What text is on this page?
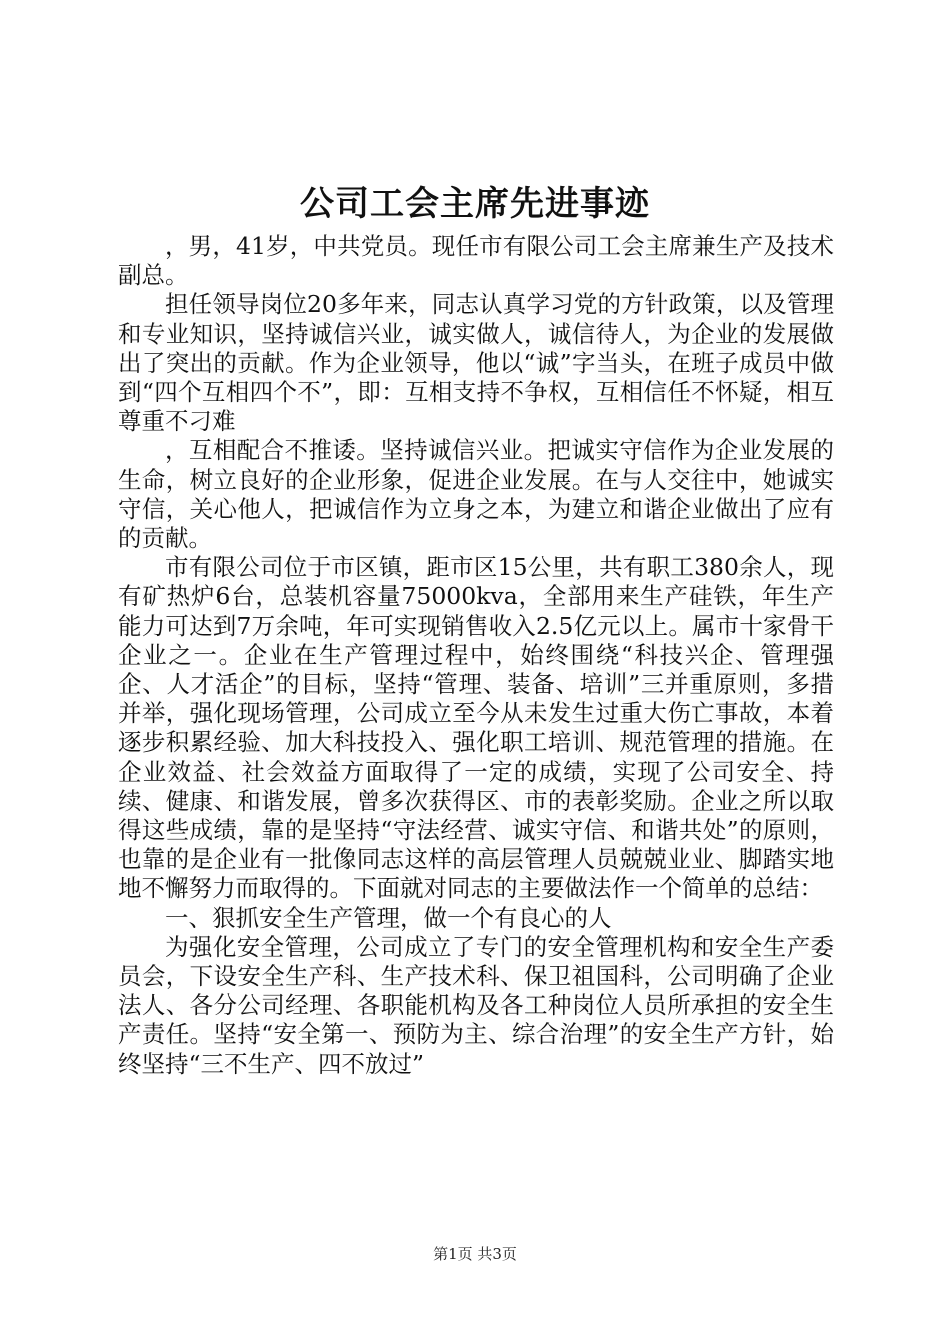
公司工会主席先进事迹

，男，41岁，中共党员。现任市有限公司工会主席兼生产及技术副总。

担任领导岗位20多年来，同志认真学习党的方针政策，以及管理和专业知识，坚持诚信兴业，诚实做人，诚信待人，为企业的发展做出了突出的贡献。作为企业领导，他以“诚”字当头，在班子成员中做到“四个互相四个不”，即：互相支持不争权，互相信任不怀疑，相互尊重不刁难

，互相配合不推诿。坚持诚信兴业。把诚实守信作为企业发展的生命，树立良好的企业形象，促进企业发展。在与人交往中，她诚实守信，关心他人，把诚信作为立身之本，为建立和谐企业做出了应有的贡献。

市有限公司位于市区镇，距市区15公里，共有职工380余人，现有矿热炉6台，总装机容量75000kva，全部用来生产硅铁，年生产能力可达到7万余吨，年可实现销售收入2.5亿元以上。属市十家骨干企业之一。企业在生产管理过程中，始终围绕“科技兴企、管理强企、人才活企”的目标，坚持“管理、装备、培训”三并重原则，多措并举，强化现场管理，公司成立至今从未发生过重大伤亡事故，本着逐步积累经验、加大科技投入、强化职工培训、规范管理的措施。在企业效益、社会效益方面取得了一定的成绩，实现了公司安全、持续、健康、和谐发展，曾多次获得区、市的表彰奖励。企业之所以取得这些成绩，靠的是坚持“守法经营、诚实守信、和谐共处”的原则，也靠的是企业有一批像同志这样的高层管理人员兢兢业业、脚踏实地地不懈努力而取得的。下面就对同志的主要做法作一个简单的总结：

一、狠抓安全生产管理，做一个有良心的人

为强化安全管理，公司成立了专门的安全管理机构和安全生产委员会，下设安全生产科、生产技术科、保卫祖国科，公司明确了企业法人、各分公司经理、各职能机构及各工种岗位人员所承担的安全生产责任。坚持“安全第一、预防为主、综合治理”的安全生产方针，始终坚持“三不生产、四不放过”

第1页 共3页
